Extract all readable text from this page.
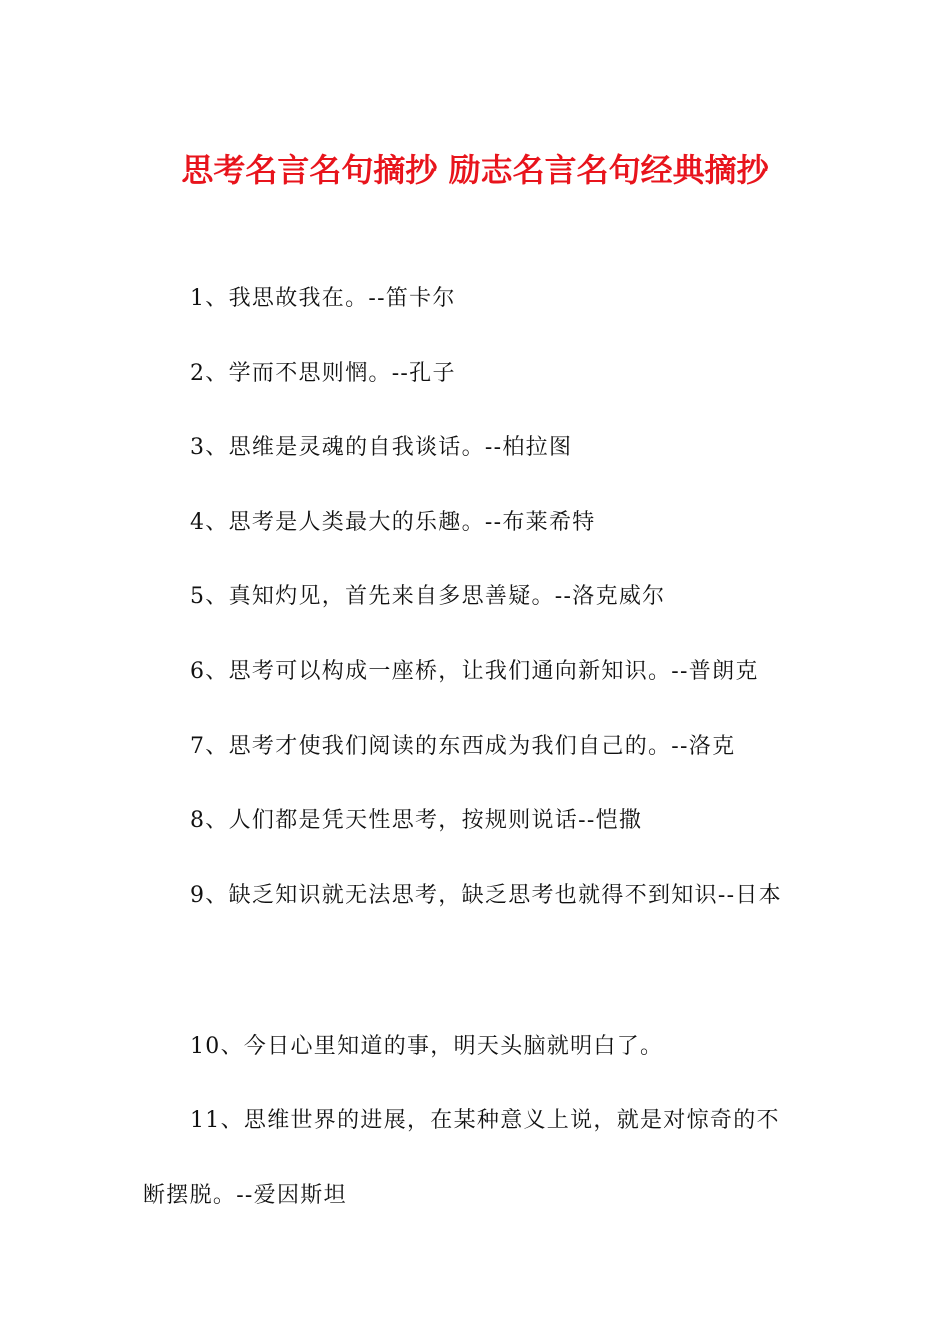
思考名言名句摘抄 励志名言名句经典摘抄
1、我思故我在。--笛卡尔
2、学而不思则惘。--孔子
3、思维是灵魂的自我谈话。--柏拉图
4、思考是人类最大的乐趣。--布莱希特
5、真知灼见，首先来自多思善疑。--洛克威尔
6、思考可以构成一座桥，让我们通向新知识。--普朗克
7、思考才使我们阅读的东西成为我们自己的。--洛克
8、人们都是凭天性思考，按规则说话--恺撒
9、缺乏知识就无法思考，缺乏思考也就得不到知识--日本
10、今日心里知道的事，明天头脑就明白了。
11、思维世界的进展，在某种意义上说，就是对惊奇的不
断摆脱。--爱因斯坦
